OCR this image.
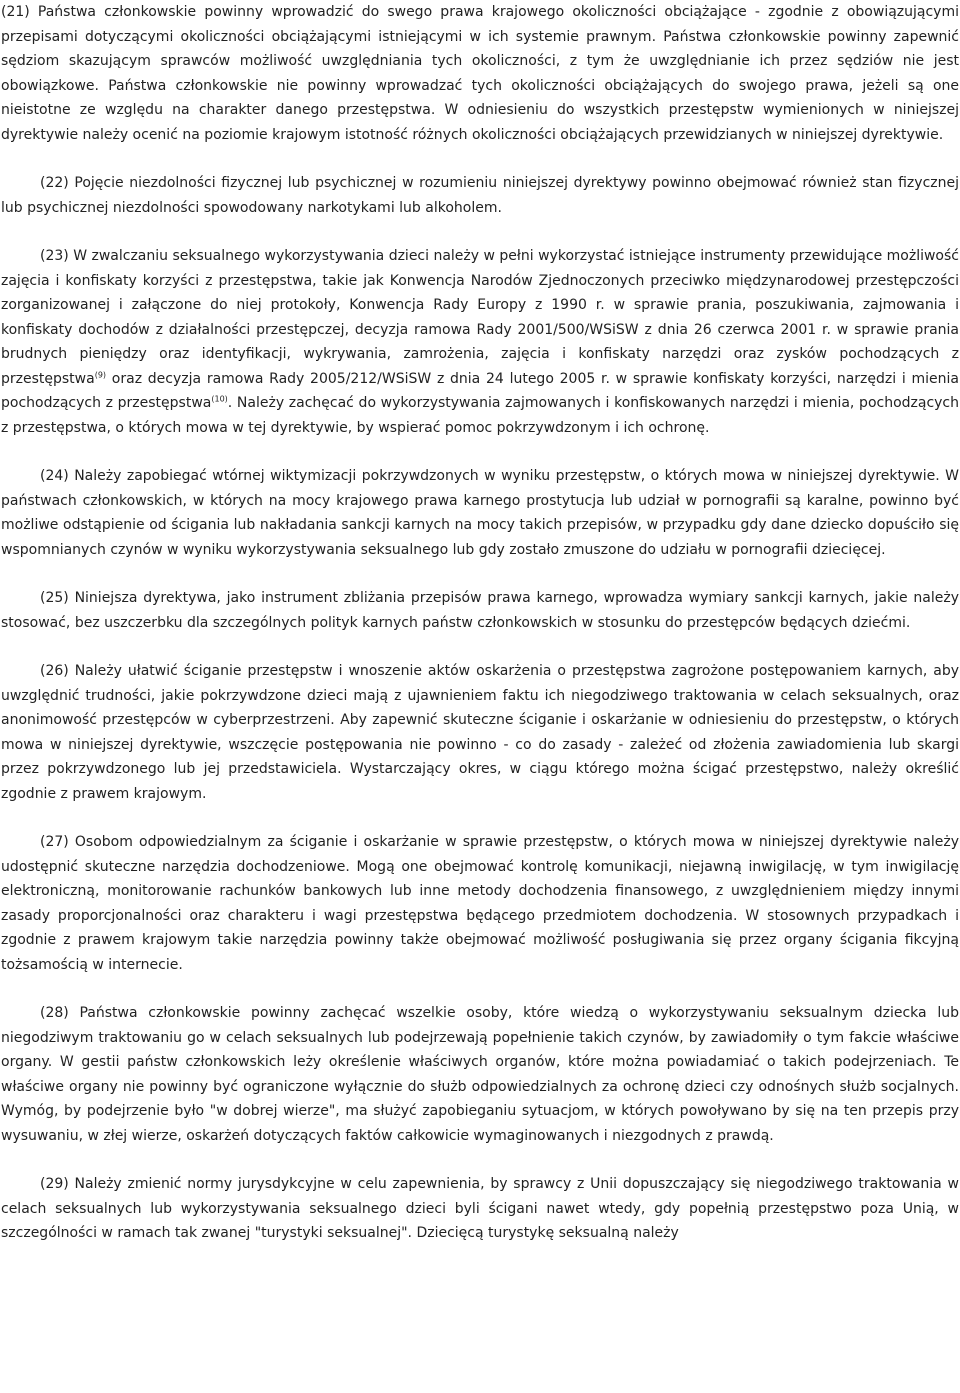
(21) Państwa członkowskie powinny wprowadzić do swego prawa krajowego okoliczności obciążające - zgodnie z obowiązującymi przepisami dotyczącymi okoliczności obciążającymi istniejącymi w ich systemie prawnym. Państwa członkowskie powinny zapewnić sędziom skazującym sprawców możliwość uwzględniania tych okoliczności, z tym że uwzględnianie ich przez sędziów nie jest obowiązkowe. Państwa członkowskie nie powinny wprowadzać tych okoliczności obciążających do swojego prawa, jeżeli są one nieistotne ze względu na charakter danego przestępstwa. W odniesieniu do wszystkich przestępstw wymienionych w niniejszej dyrektywie należy ocenić na poziomie krajowym istotność różnych okoliczności obciążających przewidzianych w niniejszej dyrektywie.

(22) Pojęcie niezdolności fizycznej lub psychicznej w rozumieniu niniejszej dyrektywy powinno obejmować również stan fizycznej lub psychicznej niezdolności spowodowany narkotykami lub alkoholem.

(23) W zwalczaniu seksualnego wykorzystywania dzieci należy w pełni wykorzystać istniejące instrumenty przewidujące możliwość zajęcia i konfiskaty korzyści z przestępstwa, takie jak Konwencja Narodów Zjednoczonych przeciwko międzynarodowej przestępczości zorganizowanej i załączone do niej protokoły, Konwencja Rady Europy z 1990 r. w sprawie prania, poszukiwania, zajmowania i konfiskaty dochodów z działalności przestępczej, decyzja ramowa Rady 2001/500/WSiSW z dnia 26 czerwca 2001 r. w sprawie prania brudnych pieniędzy oraz identyfikacji, wykrywania, zamrożenia, zajęcia i konfiskaty narzędzi oraz zysków pochodzących z przestępstwa$^{(9)}$ oraz decyzja ramowa Rady 2005/212/WSiSW z dnia 24 lutego 2005 r. w sprawie konfiskaty korzyści, narzędzi i mienia pochodzących z przestępstwa$^{(10)}$. Należy zachęcać do wykorzystywania zajmowanych i konfiskowanych narzędzi i mienia, pochodzących z przestępstwa, o których mowa w tej dyrektywie, by wspierać pomoc pokrzywdzonym i ich ochronę.

(24) Należy zapobiegać wtórnej wiktymizacji pokrzywdzonych w wyniku przestępstw, o których mowa w niniejszej dyrektywie. W państwach członkowskich, w których na mocy krajowego prawa karnego prostytucja lub udział w pornografii są karalne, powinno być możliwe odstąpienie od ścigania lub nakładania sankcji karnych na mocy takich przepisów, w przypadku gdy dane dziecko dopuściło się wspomnianych czynów w wyniku wykorzystywania seksualnego lub gdy zostało zmuszone do udziału w pornografii dziecięcej.

(25) Niniejsza dyrektywa, jako instrument zbliżania przepisów prawa karnego, wprowadza wymiary sankcji karnych, jakie należy stosować, bez uszczerbku dla szczególnych polityk karnych państw członkowskich w stosunku do przestępców będących dziećmi.

(26) Należy ułatwić ściganie przestępstw i wnoszenie aktów oskarżenia o przestępstwa zagrożone postępowaniem karnych, aby uwzględnić trudności, jakie pokrzywdzone dzieci mają z ujawnieniem faktu ich niegodziwego traktowania w celach seksualnych, oraz anonimowość przestępców w cyberprzestrzeni. Aby zapewnić skuteczne ściganie i oskarżanie w odniesieniu do przestępstw, o których mowa w niniejszej dyrektywie, wszczęcie postępowania nie powinno - co do zasady - zależeć od złożenia zawiadomienia lub skargi przez pokrzywdzonego lub jej przedstawiciela. Wystarczający okres, w ciągu którego można ścigać przestępstwo, należy określić zgodnie z prawem krajowym.

(27) Osobom odpowiedzialnym za ściganie i oskarżanie w sprawie przestępstw, o których mowa w niniejszej dyrektywie należy udostępnić skuteczne narzędzia dochodzeniowe. Mogą one obejmować kontrolę komunikacji, niejawną inwigilację, w tym inwigilację elektroniczną, monitorowanie rachunków bankowych lub inne metody dochodzenia finansowego, z uwzględnieniem między innymi zasady proporcjonalności oraz charakteru i wagi przestępstwa będącego przedmiotem dochodzenia. W stosownych przypadkach i zgodnie z prawem krajowym takie narzędzia powinny także obejmować możliwość posługiwania się przez organy ścigania fikcyjną tożsamością w internecie.

(28) Państwa członkowskie powinny zachęcać wszelkie osoby, które wiedzą o wykorzystywaniu seksualnym dziecka lub niegodziwym traktowaniu go w celach seksualnych lub podejrzewają popełnienie takich czynów, by zawiadomiły o tym fakcie właściwe organy. W gestii państw członkowskich leży określenie właściwych organów, które można powiadamiać o takich podejrzeniach. Te właściwe organy nie powinny być ograniczone wyłącznie do służb odpowiedzialnych za ochronę dzieci czy odnośnych służb socjalnych. Wymóg, by podejrzenie było "w dobrej wierze", ma służyć zapobieganiu sytuacjom, w których powoływano by się na ten przepis przy wysuwaniu, w złej wierze, oskarżeń dotyczących faktów całkowicie wymaginowanych i niezgodnych z prawdą.

(29) Należy zmienić normy jurysdykcyjne w celu zapewnienia, by sprawcy z Unii dopuszczający się niegodziwego traktowania w celach seksualnych lub wykorzystywania seksualnego dzieci byli ścigani nawet wtedy, gdy popełnią przestępstwo poza Unią, w szczególności w ramach tak zwanej "turystyki seksualnej". Dziecięcą turystykę seksualną należy
